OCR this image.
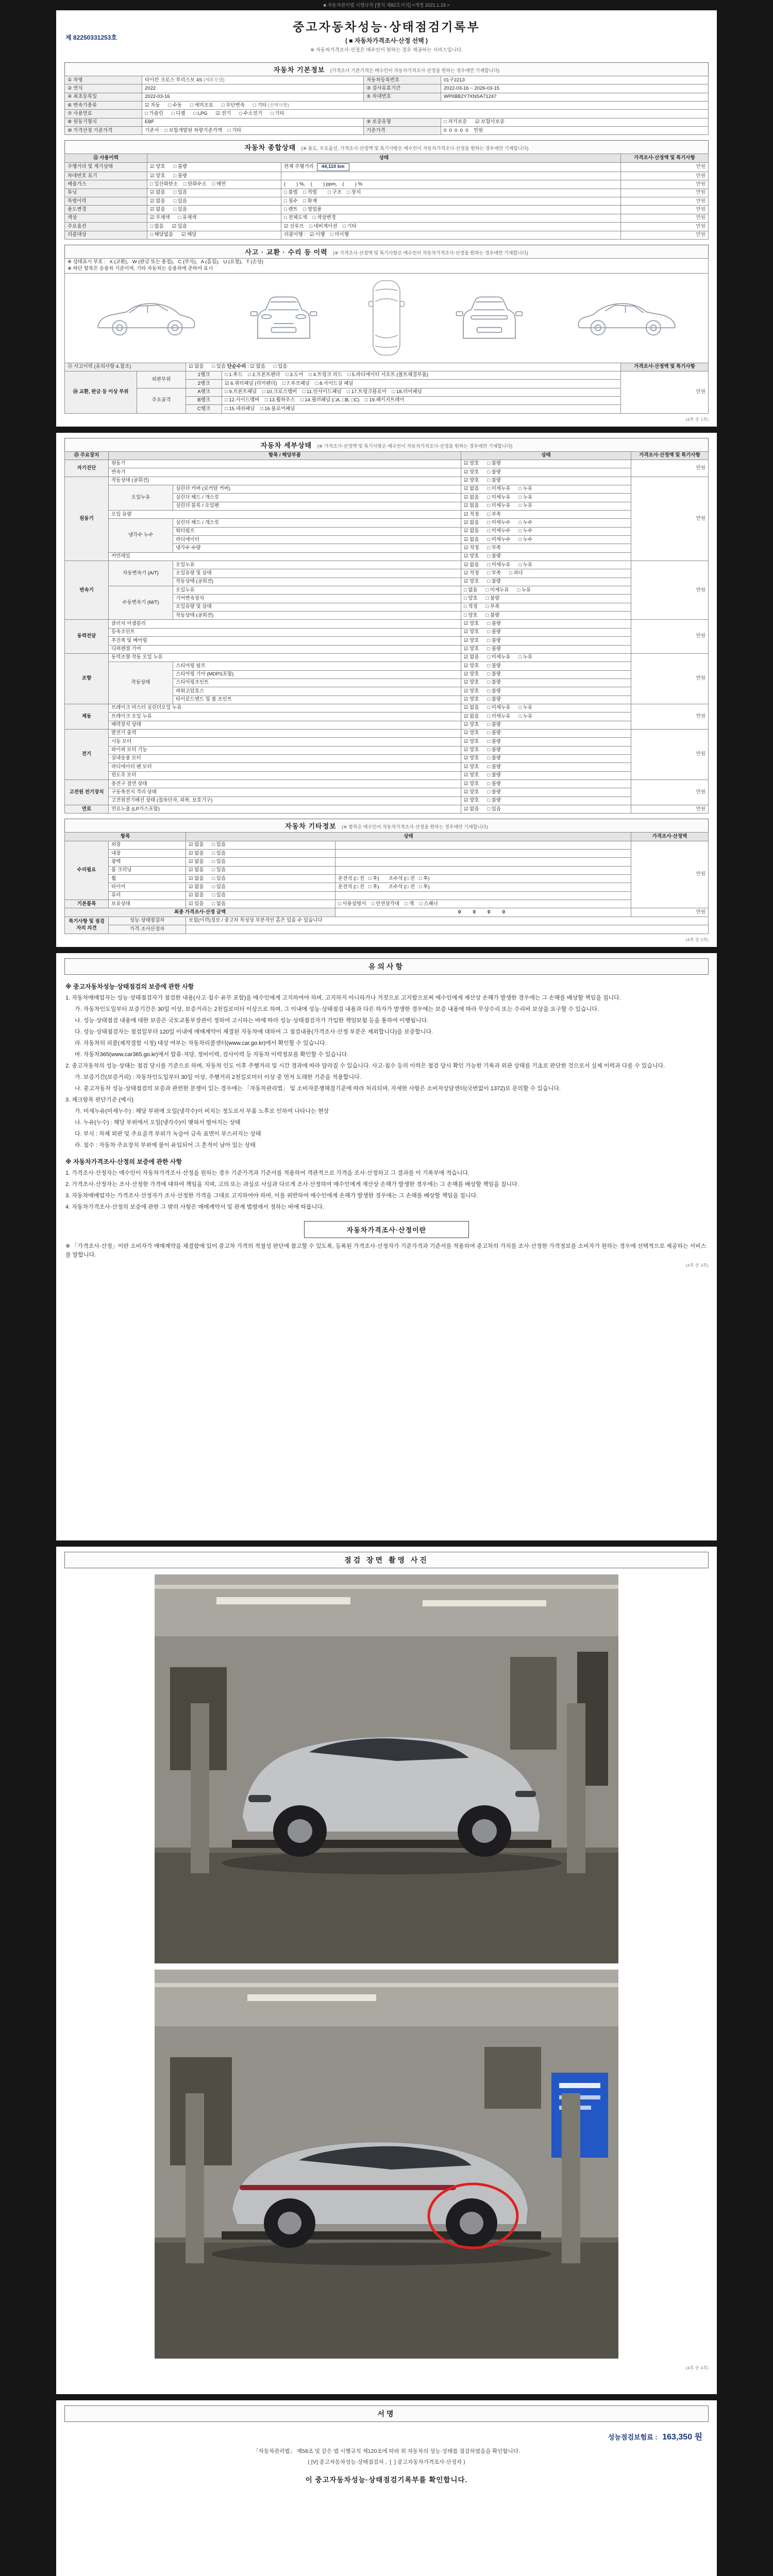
■ 자동차관리법 시행규칙 [별지 제82호서식] <개정 2021.1.19.>
제 82250331253호
중고자동차성능·상태점검기록부
( ■ 자동차가격조사·산정 선택 )
※ 자동차가격조사·산정은 매수인이 원하는 경우 제공하는 서비스입니다.
자동차 기본정보 (가격조사 기준가격은 매수인이 자동차가격조사·산정을 원하는 경우에만 기재합니다)
① 차명	타이칸 크로스 투리스모 4S (세부모델)	자동차등록번호	01구2213
② 연식	2022	③ 검사유효기간	2022-03-16 ~ 2026-03-15
④ 최초등록일	2022-03-16	⑤ 차대번호	WP0BB2Y7XNSA71247
⑥ 변속기종류	☑ 자동      □ 수동      □ 세미오토      □ 무단변속      □ 기타 (선택사항)		
⑦ 사용연료	□ 가솔린      □ 디젤      □ LPG      ☑ 전기      □ 수소전기      □ 기타		
⑧ 원동기형식	EBF	⑨ 보증유형	□ 자가보증      ☑ 보험사보증
⑩ 가격산정 기준가격	기준서 :  □ 보험개발원 차량기준가액    □ 기타	기준가격	0  0  0  0  0    만원
자동차 종합상태 (※ 용도, 주요옵션, 가격조사·산정액 및 특기사항은 매수인이 자동차가격조사·산정을 원하는 경우에만 기재합니다)
⑪ 사용이력	상태		가격조사·산정액 및 특기사항
주행거리 및 계기상태	☑ 양호      □ 불량	현재 주행거리 44,110 km	만원
차대번호 표기	☑ 양호      □ 불량		만원
배출가스	□ 일산화탄소    □ 탄화수소    □ 매연	(        ) %,    (        ) ppm,    (        ) %	만원
튜닝	☑ 없음      □ 있음	□ 불법    □ 적법        □ 구조    □ 장치	만원
특별이력	☑ 없음      □ 있음	□ 침수    □ 화재	만원
용도변경	☑ 없음      □ 있음	□ 렌트    □ 영업용	만원
색상	☑ 무채색      □ 유채색	□ 전체도색    □ 색상변경	만원
주요옵션	□ 없음      ☑ 있음	☑ 선루프    □ 네비게이션    □ 기타	만원
리콜대상	□ 해당없음      ☑ 해당	리콜이행 :   ☑ 이행    □ 미이행	만원
사고 · 교환 · 수리 등 이력 (※ 가격조사·산정액 및 특기사항은 매수인이 자동차가격조사·산정을 원하는 경우에만 기재합니다)
※ 상태표시 부호 :   X (교환),   W (판금 또는 용접),   C (부식),   A (흠집),   U (요철),   T (손상)
※ 하단 항목은 승용차 기준이며, 기타 자동차는 승용차에 준하여 표시				

⑬ 사고이력 (유의사항 4.참조)		☑ 없음      □ 있음 단순수리 : ☑ 없음      □ 있음		가격조사·산정액 및 특기사항
⑭ 교환, 판금 등 이상 부위	외판부위	1랭크	□ 1.후드    □ 2.프론트펜더    □ 3.도어    □ 4.트렁크 리드    □ 5.라디에이터 서포트 (볼트체결부품)	만원
		2랭크	☑ 6.쿼터패널 (리어펜더)    □ 7.루프패널    □ 8.사이드실 패널	
	주요골격	A랭크	□ 9.프론트패널    □ 10.크로스멤버    □ 11.인사이드패널    □ 17.트렁크플로어    □ 18.리어패널	
		B랭크	□ 12.사이드멤버    □ 13.휠하우스    □ 14.필러패널 (□A, □B, □C)    □ 19.패키지트레이	
		C랭크	□ 15.대쉬패널    □ 16.플로어패널	
(4쪽 중 1쪽)
자동차 세부상태 (※ 가격조사·산정액 및 특기사항은 매수인이 자동차가격조사·산정을 원하는 경우에만 기재합니다)
⑮ 주요장치	항목 / 해당부품		상태	가격조사·산정액 및 특기사항
자기진단	원동기		☑ 양호      □ 불량	만원
	변속기		☑ 양호      □ 불량	
원동기	작동상태 (공회전)		☑ 양호      □ 불량	만원
	오일누유	실린더 커버 (로커암 커버)	☑ 없음      □ 미세누유      □ 누유	
		실린더 헤드 / 개스킷	☑ 없음      □ 미세누유      □ 누유	
		실린더 블록 / 오일팬	☑ 없음      □ 미세누유      □ 누유	
	오일 유량		☑ 적정      □ 부족	
	냉각수 누수	실린더 헤드 / 개스킷	☑ 없음      □ 미세누수      □ 누수	
		워터펌프	☑ 없음      □ 미세누수      □ 누수	
		라디에이터	☑ 없음      □ 미세누수      □ 누수	
		냉각수 수량	☑ 적정      □ 부족	
	커먼레일		☑ 양호      □ 불량	
변속기	자동변속기 (A/T)	오일누유	☑ 없음      □ 미세누유      □ 누유	만원
		오일유량 및 상태	☑ 적정      □ 부족      □ 과다	
		작동상태 (공회전)	☑ 양호      □ 불량	
	수동변속기 (M/T)	오일누유	□ 없음      □ 미세누유      □ 누유	
		기어변속장치	□ 양호      □ 불량	
		오일유량 및 상태	□ 적정      □ 부족	
		작동상태 (공회전)	□ 양호      □ 불량	
동력전달	클러치 어셈블리		☑ 양호      □ 불량	만원
	등속조인트		☑ 양호      □ 불량	
	추진축 및 베어링		☑ 양호      □ 불량	
	디퍼렌셜 기어		☑ 양호      □ 불량	
조향	동력조향 작동 오일 누유		☑ 없음      □ 미세누유      □ 누유	만원
	작동상태	스티어링 펌프	☑ 양호      □ 불량	
		스티어링 기어 (MDPS포함)	☑ 양호      □ 불량	
		스티어링조인트	☑ 양호      □ 불량	
		파워고압호스	☑ 양호      □ 불량	
		타이로드엔드 및 볼 조인트	☑ 양호      □ 불량	
제동	브레이크 마스터 실린더오일 누유		☑ 없음      □ 미세누유      □ 누유	만원
	브레이크 오일 누유		☑ 없음      □ 미세누유      □ 누유	
	배력장치 상태		☑ 양호      □ 불량	
전기	발전기 출력		☑ 양호      □ 불량	만원
	시동 모터		☑ 양호      □ 불량	
	와이퍼 모터 기능		☑ 양호      □ 불량	
	실내송풍 모터		☑ 양호      □ 불량	
	라디에이터 팬 모터		☑ 양호      □ 불량	
	윈도우 모터		☑ 양호      □ 불량	
고전원 전기장치	충전구 절연 상태		☑ 양호      □ 불량	만원
	구동축전지 격리 상태		☑ 양호      □ 불량	
	고전원전기배선 상태 (접속단자, 피복, 보호기구)		☑ 양호      □ 불량	
연료	연료누출 (LP가스포함)		☑ 없음      □ 있음	만원
자동차 기타정보 (※ 항목은 매수인이 자동차가격조사·산정을 원하는 경우에만 기재합니다)
항목		상태		가격조사·산정액
수리필요	외장	☑ 없음      □ 있음		만원
	내장	☑ 없음      □ 있음		
	광택	☑ 없음      □ 있음		
	룸 크리닝	☑ 없음      □ 있음		
	휠	☑ 없음      □ 있음	운전석 (□ 전   □ 후)       조수석 (□ 전   □ 후)	
	타이어	☑ 없음      □ 있음	운전석 (□ 전   □ 후)       조수석 (□ 전   □ 후)	
	유리	☑ 없음      □ 있음		
기본품목	보유상태	☑ 있음      □ 없음	□ 사용설명서    □ 안전삼각대    □ 잭    □ 스패너	
최종 가격조사·산정 금액			0  0  0  0	만원
특기사항 및 점검자의 의견	성능·상태점검자	보험(이력)정보 / 중고차 특성상 부분적인 흠은 있을 수 있습니다		
	가격·조사산정자			
(4쪽 중 2쪽)
유의사항
※ 중고자동차성능·상태점검의 보증에 관한 사항

1. 자동차매매업자는 성능·상태점검자가 점검한 내용(사고·침수 유무 포함)을 매수인에게 고지하여야 하며, 고지하지 아니하거나 거짓으로 고지함으로써 매수인에게 재산상 손해가 발생한 경우에는 그 손해를 배상할 책임을 집니다.

가. 자동차인도일부터 보증기간은 30일 이상, 보증거리는 2천킬로미터 이상으로 하며, 그 이내에 성능·상태점검 내용과 다른 하자가 발생한 경우에는 보증 내용에 따라 무상수리 또는 수리비 보상을 요구할 수 있습니다.

나. 성능·상태점검 내용에 대한 보증은 국토교통부장관이 정하여 고시하는 바에 따라 성능·상태점검자가 가입한 책임보험 등을 통하여 이행됩니다.

다. 성능·상태점검자는 점검일부터 120일 이내에 매매계약이 체결된 자동차에 대하여 그 점검내용(가격조사·산정 부분은 제외합니다)을 보증합니다.

라. 자동차의 리콜(제작결함 시정) 대상 여부는 자동차리콜센터(www.car.go.kr)에서 확인할 수 있습니다.

마. 자동차365(www.car365.go.kr)에서 압류·저당, 정비이력, 검사이력 등 자동차 이력정보를 확인할 수 있습니다.

2. 중고자동차의 성능·상태는 점검 당시를 기준으로 하며, 자동차 인도 이후 주행거리 및 시간 경과에 따라 달라질 수 있습니다. 사고·침수 등의 이력은 점검 당시 확인 가능한 기록과 외관 상태를 기초로 판단한 것으로서 실제 이력과 다를 수 있습니다.

가. 보증기간(보증거리) : 자동차인도일부터 30일 이상, 주행거리 2천킬로미터 이상 중 먼저 도래한 기준을 적용합니다.

나. 중고자동차 성능·상태점검의 보증과 관련한 분쟁이 있는 경우에는 「자동차관리법」 및 소비자분쟁해결기준에 따라 처리되며, 자세한 사항은 소비자상담센터(국번없이 1372)로 문의할 수 있습니다.

3. 체크항목 판단기준 (예시)

가. 미세누유(미세누수) : 해당 부위에 오일(냉각수)이 비치는 정도로서 부품 노후로 인하여 나타나는 현상

나. 누유(누수) : 해당 부위에서 오일(냉각수)이 맺혀서 떨어지는 상태

다. 부식 : 차체 외판 및 주요골격 부위가 녹슬어 금속 표면이 부스러지는 상태

라. 침수 : 자동차 주요장치 부위에 물이 유입되어 그 흔적이 남아 있는 상태

※ 자동차가격조사·산정의 보증에 관한 사항

1. 가격조사·산정자는 매수인이 자동차가격조사·산정을 원하는 경우 기준가격과 기준서를 적용하여 객관적으로 가격을 조사·산정하고 그 결과를 이 기록부에 적습니다.

2. 가격조사·산정자는 조사·산정한 가격에 대하여 책임을 지며, 고의 또는 과실로 사실과 다르게 조사·산정하여 매수인에게 재산상 손해가 발생한 경우에는 그 손해를 배상할 책임을 집니다.

3. 자동차매매업자는 가격조사·산정자가 조사·산정한 가격을 그대로 고지하여야 하며, 이를 위반하여 매수인에게 손해가 발생한 경우에는 그 손해를 배상할 책임을 집니다.

4. 자동차가격조사·산정의 보증에 관한 그 밖의 사항은 매매계약서 및 관계 법령에서 정하는 바에 따릅니다.

자동차가격조사·산정이란

※ 「가격조사·산정」이란 소비자가 매매계약을 체결함에 있어 중고차 가격의 적절성 판단에 참고할 수 있도록, 등록된 가격조사·산정자가 기준가격과 기준서를 적용하여 중고차의 가치를 조사·산정한 가격정보를 소비자가 원하는 경우에 선택적으로 제공하는 서비스를 말합니다.

(4쪽 중 3쪽)
점검 장면 촬영 사진
(4쪽 중 4쪽)
서명
성능점검보험료 : 163,350 원

「자동차관리법」 제58조 및 같은 법 시행규칙 제120조에 따라 위 자동차의 성능·상태를 점검하였음을 확인합니다.

( [V] 중고자동차성능·상태점검자 ,  [  ] 중고자동차가격조사·산정자 )

이 중고자동차성능·상태점검기록부를 확인합니다.
